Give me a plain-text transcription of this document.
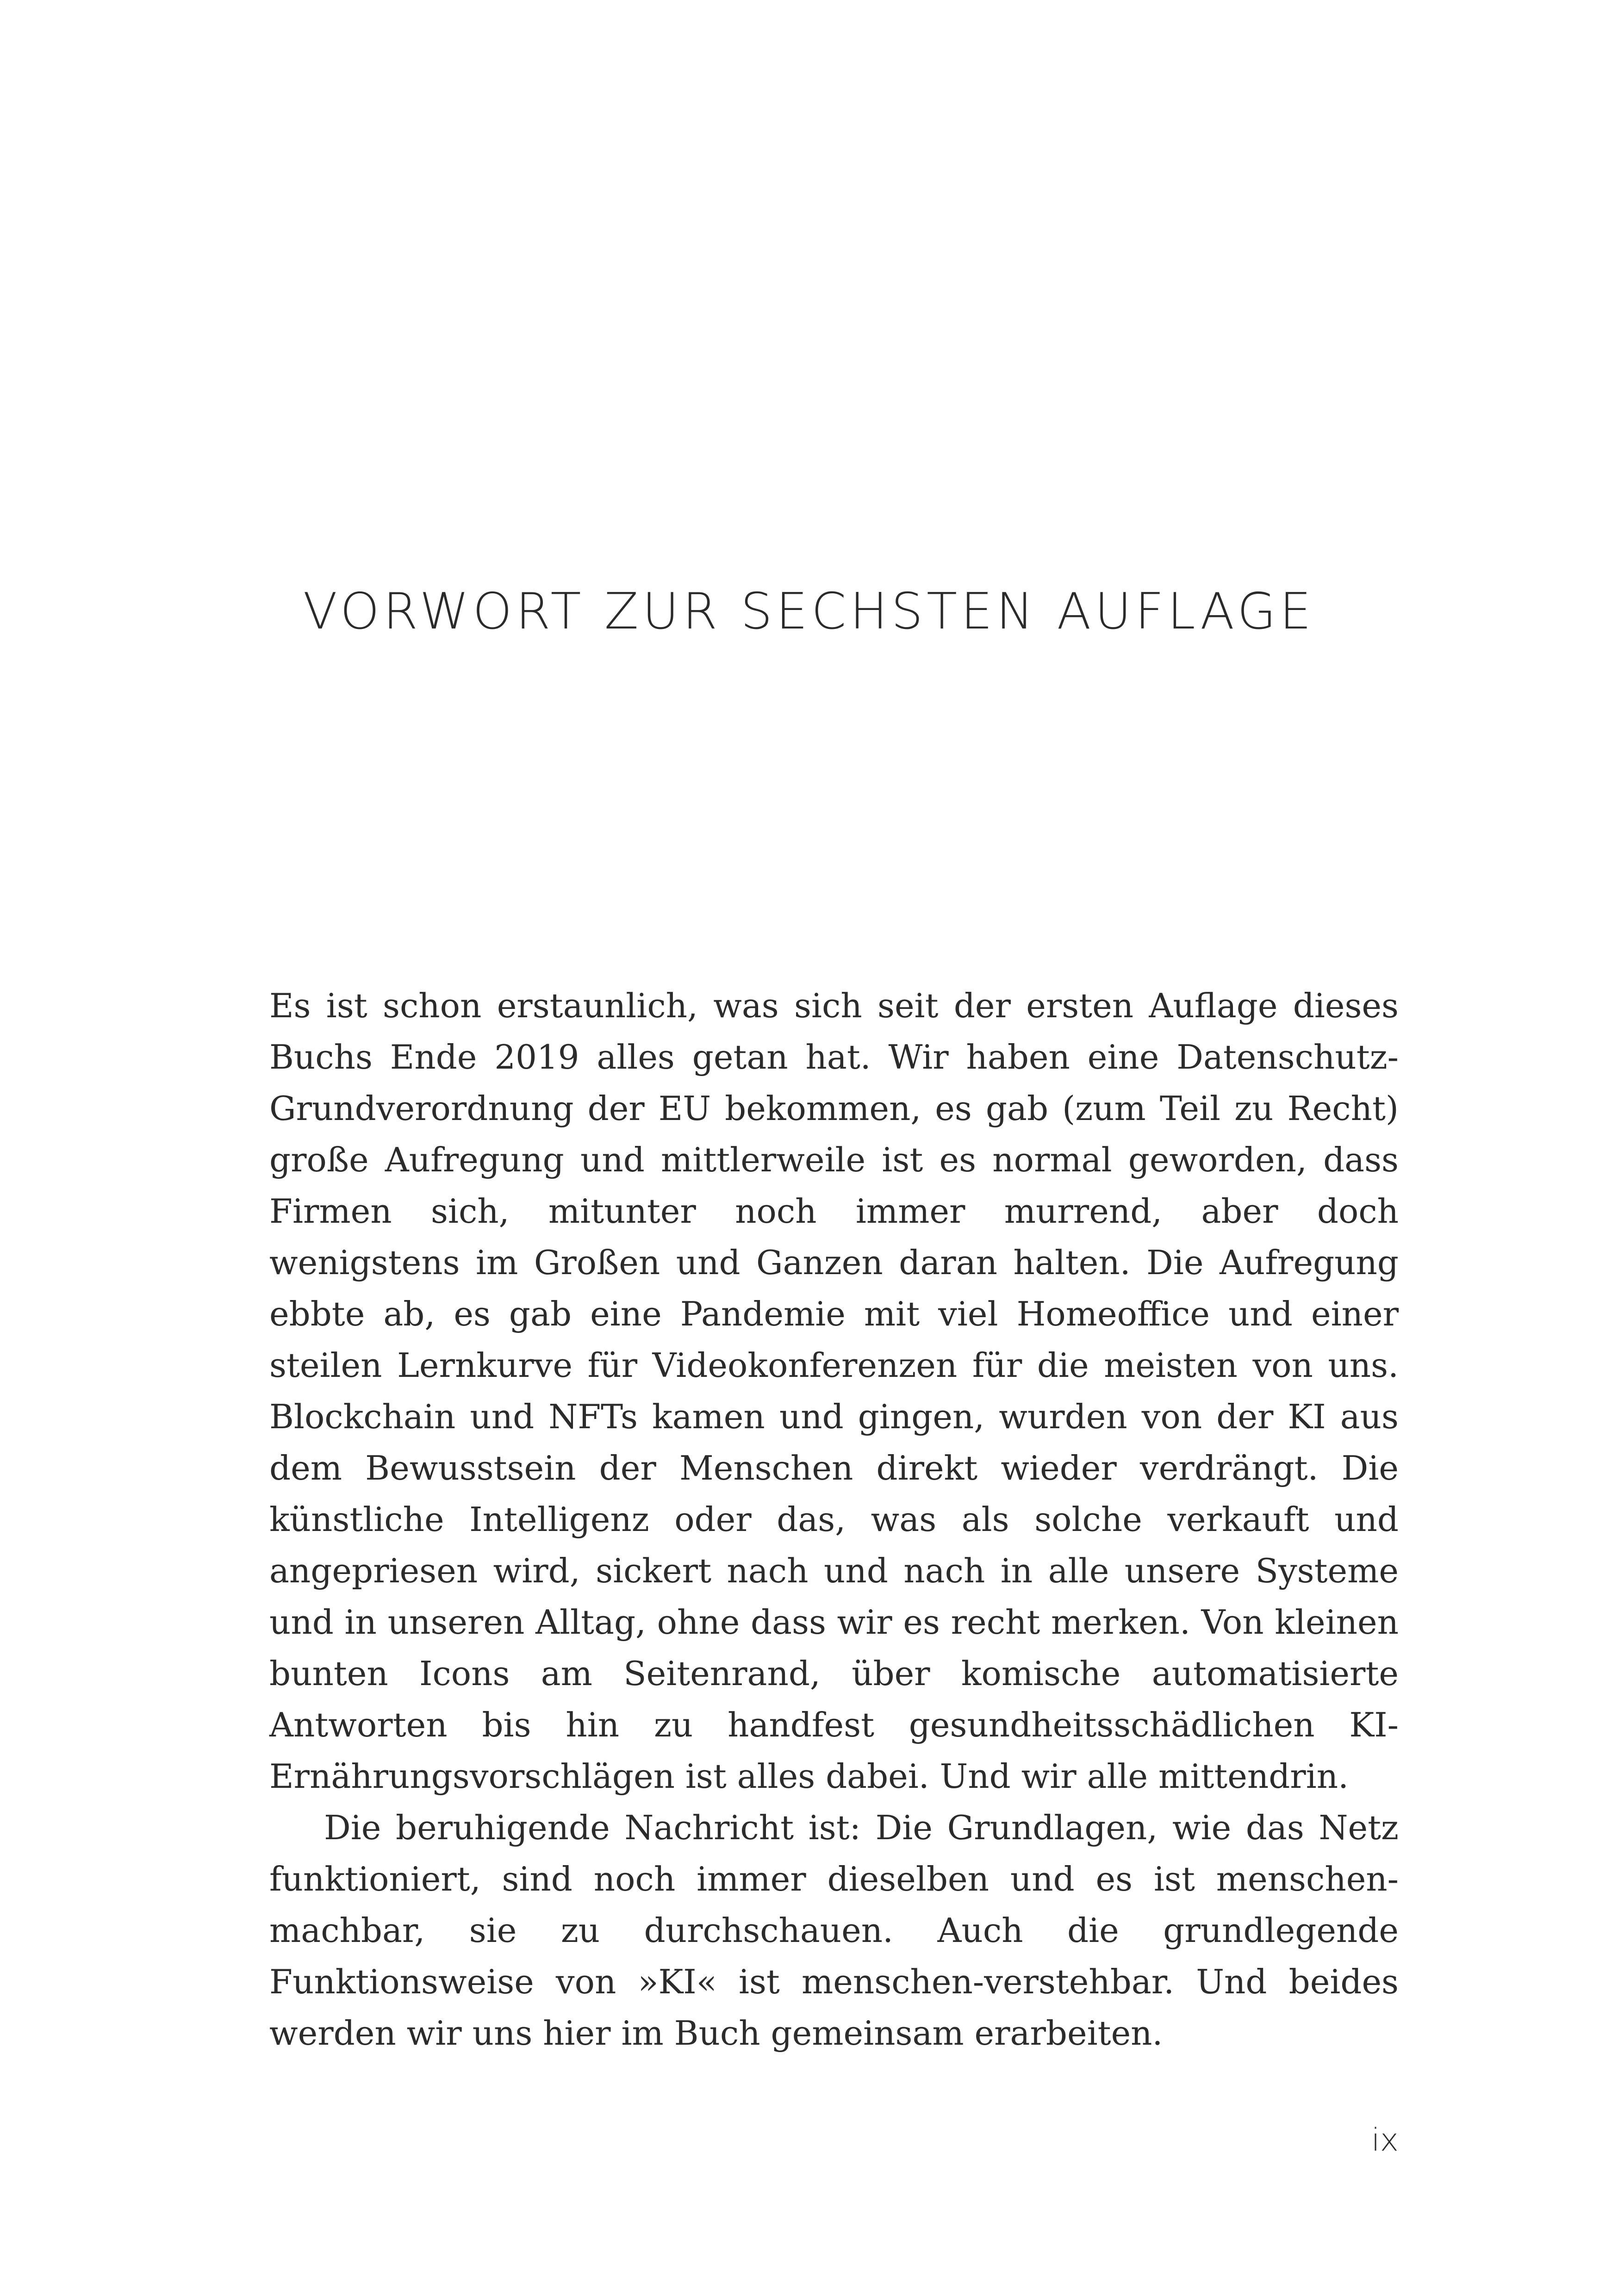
VORWORT ZUR SECHSTEN AUFLAGE

Es ist schon erstaunlich, was sich seit der ersten Auflage dieses Buchs Ende 2019 alles getan hat. Wir haben eine Datenschutz-Grundverordnung der EU bekommen, es gab (zum Teil zu Recht) große Aufregung und mittlerweile ist es normal geworden, dass Firmen sich, mitunter noch immer murrend, aber doch wenigstens im Großen und Ganzen daran halten. Die Aufregung ebbte ab, es gab eine Pandemie mit viel Homeoffice und einer steilen Lernkurve für Videokonferenzen für die meisten von uns. Blockchain und NFTs kamen und gingen, wurden von der KI aus dem Bewusstsein der Menschen direkt wieder verdrängt. Die künstliche Intelligenz oder das, was als solche verkauft und angepriesen wird, sickert nach und nach in alle unsere Systeme und in unseren Alltag, ohne dass wir es recht merken. Von kleinen bunten Icons am Seitenrand, über komische automatisierte Antworten bis hin zu handfest gesundheitsschädlichen KI-Ernährungsvorschlägen ist alles dabei. Und wir alle mittendrin.

Die beruhigende Nachricht ist: Die Grundlagen, wie das Netz funktioniert, sind noch immer dieselben und es ist menschen-machbar, sie zu durchschauen. Auch die grundlegende Funktionsweise von »KI« ist menschen-verstehbar. Und beides werden wir uns hier im Buch gemeinsam erarbeiten.

ix
